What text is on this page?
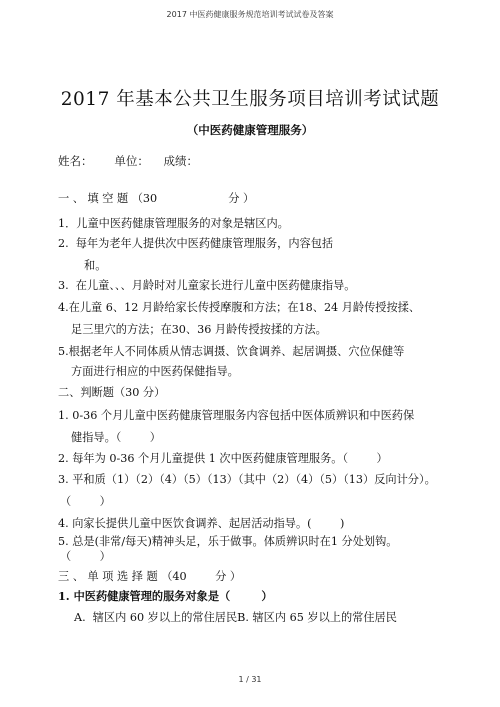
2017 中医药健康服务规范培训考试试卷及答案
2017 年基本公共卫生服务项目培训考试试题
（中医药健康管理服务）
姓名：      单位：    成绩：
一 、 填 空 题 （30                    分 ）
1．儿童中医药健康管理服务的对象是辖区内。
2.  每年为老年人提供次中医药健康管理服务，内容包括
和。
3.  在儿童、、、月龄时对儿童家长进行儿童中医药健康指导。
4.在儿童 6、12 月龄给家长传授摩腹和方法；在18、24 月龄传授按揉、
足三里穴的方法；在30、36 月龄传授按揉的方法。
5.根据老年人不同体质从情志调摄、饮食调养、起居调摄、穴位保健等
方面进行相应的中医药保健指导。
二、判断题（30 分）
1. 0-36 个月儿童中医药健康管理服务内容包括中医体质辨识和中医药保
健指导。（        ）
2. 每年为 0-36 个月儿童提供 1 次中医药健康管理服务。（        ）
3. 平和质（1）（2）（4）（5）（13）（其中（2）（4）（5）（13）反向计分）。
（        ）
4. 向家长提供儿童中医饮食调养、起居活动指导。(        )
5. 总是(非常/每天)精神头足，乐于做事。体质辨识时在1 分处划钩。
（        ）
三 、 单 项 选 择 题 （40        分 ）
1. 中医药健康管理的服务对象是（        ）
A.  辖区内 60 岁以上的常住居民B. 辖区内 65 岁以上的常住居民
1 / 31
